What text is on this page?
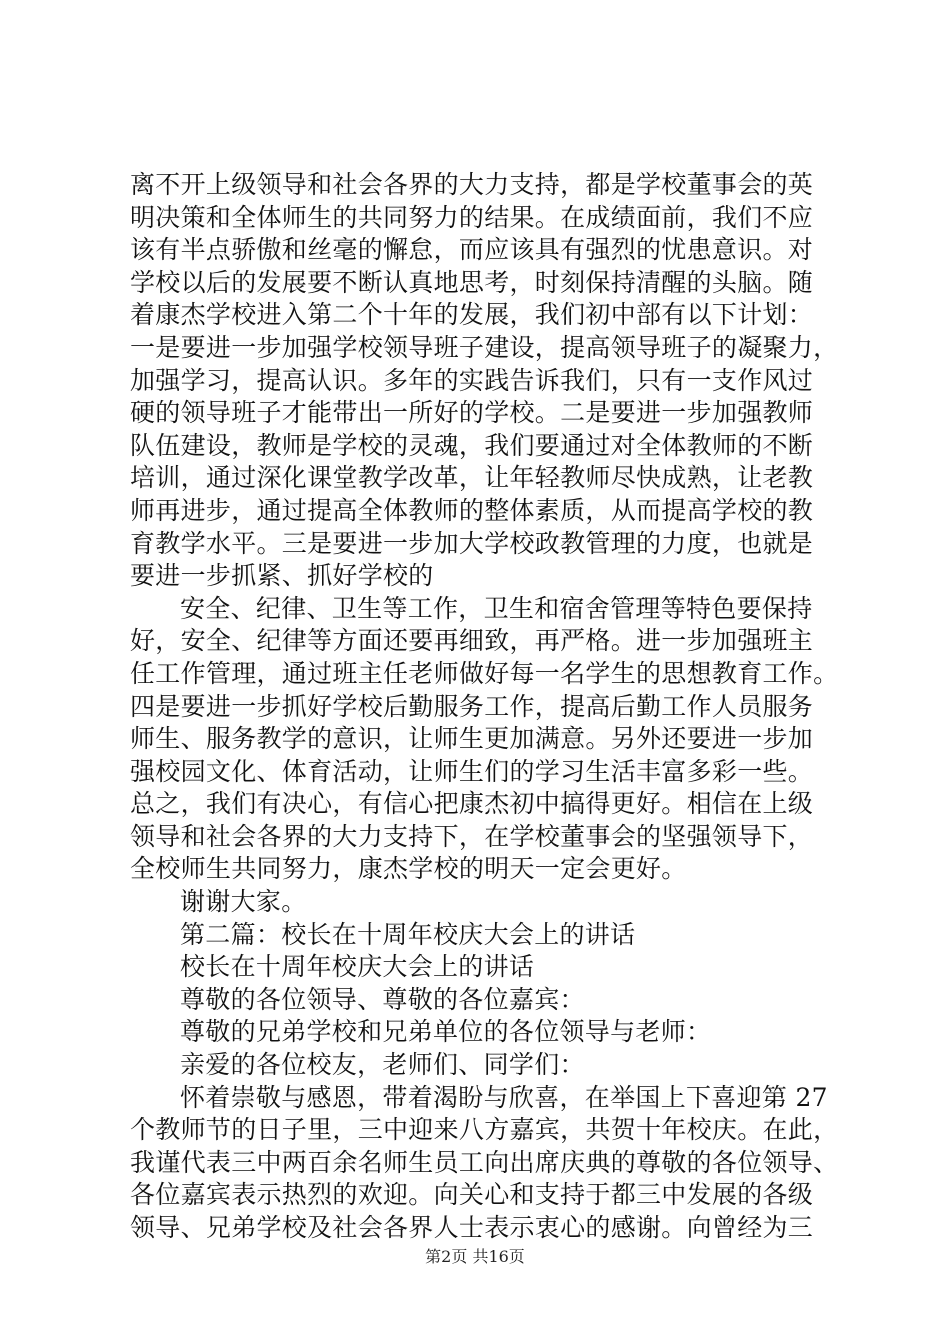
离不开上级领导和社会各界的大力支持，都是学校董事会的英
明决策和全体师生的共同努力的结果。在成绩面前，我们不应
该有半点骄傲和丝毫的懈怠，而应该具有强烈的忧患意识。对
学校以后的发展要不断认真地思考，时刻保持清醒的头脑。随
着康杰学校进入第二个十年的发展，我们初中部有以下计划：
一是要进一步加强学校领导班子建设，提高领导班子的凝聚力，
加强学习，提高认识。多年的实践告诉我们，只有一支作风过
硬的领导班子才能带出一所好的学校。二是要进一步加强教师
队伍建设，教师是学校的灵魂，我们要通过对全体教师的不断
培训，通过深化课堂教学改革，让年轻教师尽快成熟，让老教
师再进步，通过提高全体教师的整体素质，从而提高学校的教
育教学水平。三是要进一步加大学校政教管理的力度，也就是
要进一步抓紧、抓好学校的
安全、纪律、卫生等工作，卫生和宿舍管理等特色要保持
好，安全、纪律等方面还要再细致，再严格。进一步加强班主
任工作管理，通过班主任老师做好每一名学生的思想教育工作。
四是要进一步抓好学校后勤服务工作，提高后勤工作人员服务
师生、服务教学的意识，让师生更加满意。另外还要进一步加
强校园文化、体育活动，让师生们的学习生活丰富多彩一些。
总之，我们有决心，有信心把康杰初中搞得更好。相信在上级
领导和社会各界的大力支持下，在学校董事会的坚强领导下，
全校师生共同努力，康杰学校的明天一定会更好。
谢谢大家。
第二篇：校长在十周年校庆大会上的讲话
校长在十周年校庆大会上的讲话
尊敬的各位领导、尊敬的各位嘉宾：
尊敬的兄弟学校和兄弟单位的各位领导与老师：
亲爱的各位校友，老师们、同学们：
怀着崇敬与感恩，带着渴盼与欣喜，在举国上下喜迎第 27
个教师节的日子里，三中迎来八方嘉宾，共贺十年校庆。在此，
我谨代表三中两百余名师生员工向出席庆典的尊敬的各位领导、
各位嘉宾表示热烈的欢迎。向关心和支持于都三中发展的各级
领导、兄弟学校及社会各界人士表示衷心的感谢。向曾经为三
第2页 共16页
